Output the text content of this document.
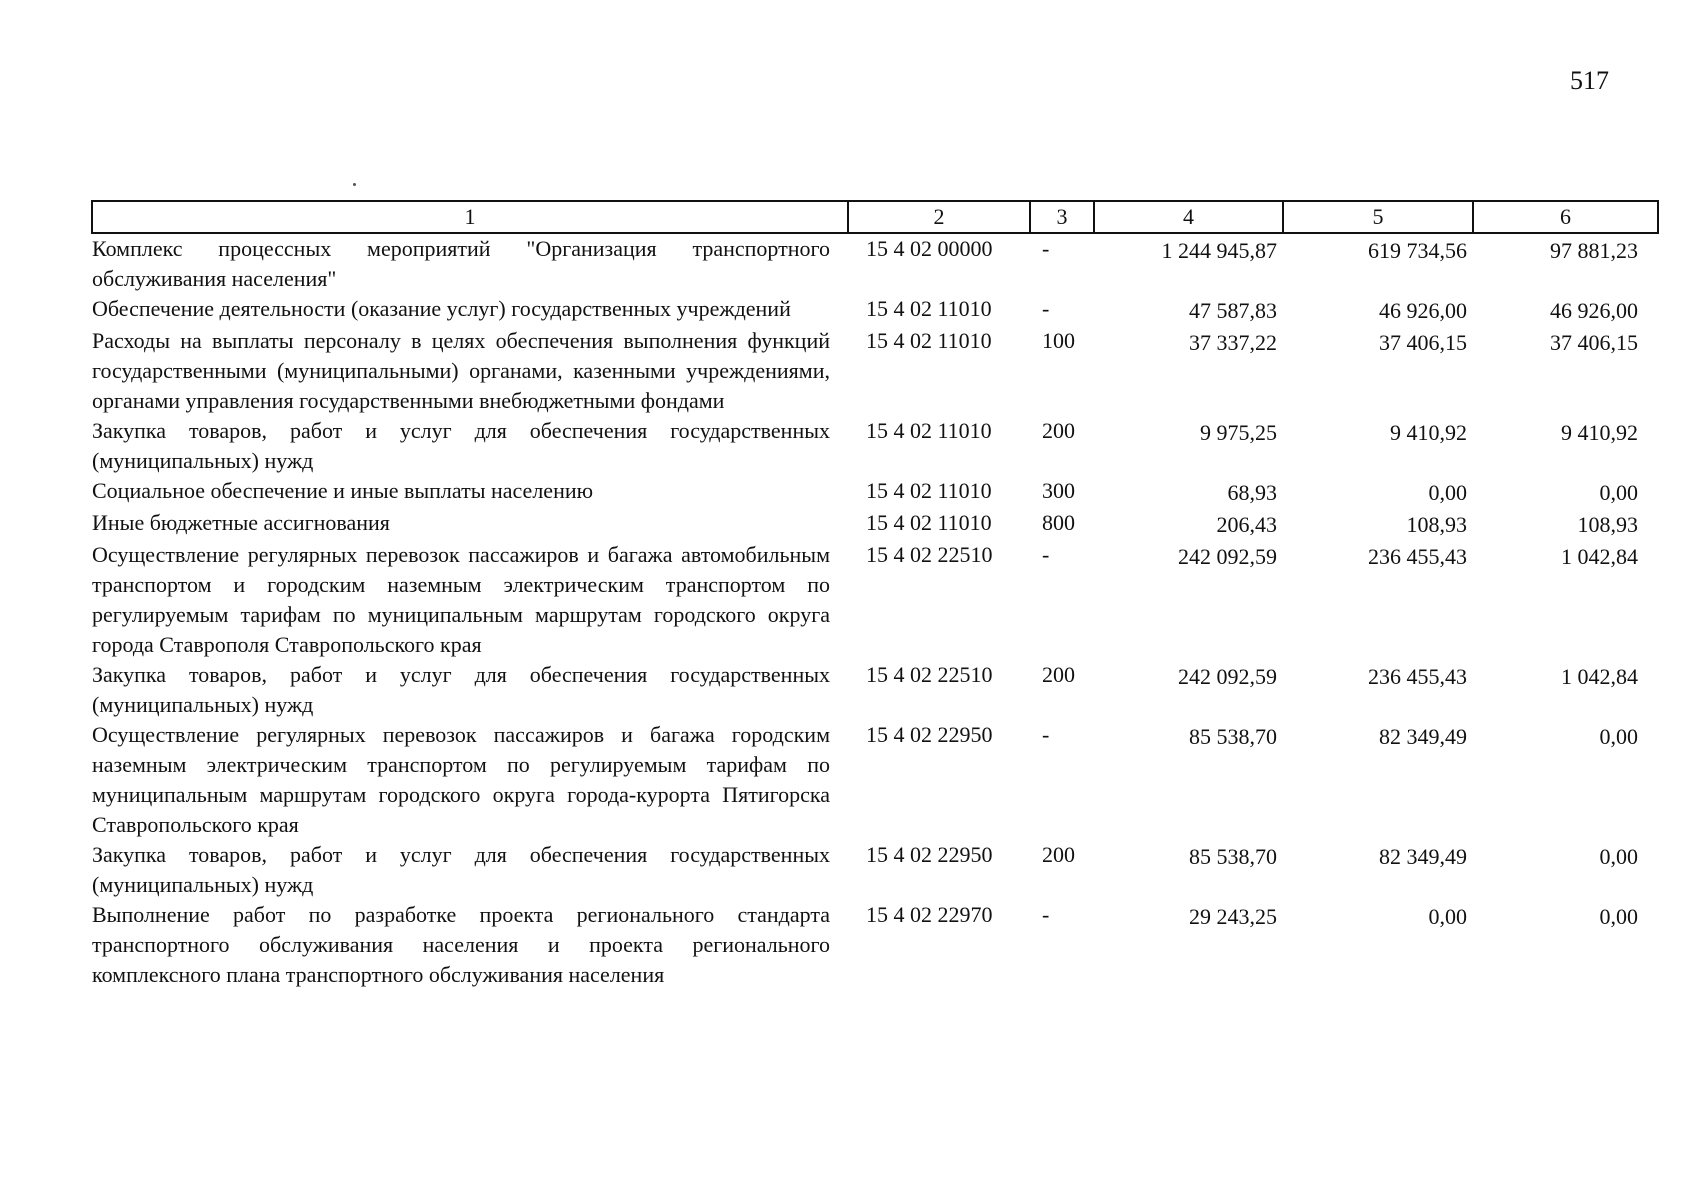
517
1	2	3	4	5	6
Комплекс процессных мероприятий "Организация транспортного обслуживания населения"	15 4 02 00000	-	1 244 945,87	619 734,56	97 881,23
Обеспечение деятельности (оказание услуг) государственных учреждений	15 4 02 11010	-	47 587,83	46 926,00	46 926,00
Расходы на выплаты персоналу в целях обеспечения выполнения функций государственными (муниципальными) органами, казенными учреждениями, органами управления государственными внебюджетными фондами	15 4 02 11010	100	37 337,22	37 406,15	37 406,15
Закупка товаров, работ и услуг для обеспечения государственных (муниципальных) нужд	15 4 02 11010	200	9 975,25	9 410,92	9 410,92
Социальное обеспечение и иные выплаты населению	15 4 02 11010	300	68,93	0,00	0,00
Иные бюджетные ассигнования	15 4 02 11010	800	206,43	108,93	108,93
Осуществление регулярных перевозок пассажиров и багажа автомобильным транспортом и городским наземным электрическим транспортом по регулируемым тарифам по муниципальным маршрутам городского округа города Ставрополя Ставропольского края	15 4 02 22510	-	242 092,59	236 455,43	1 042,84
Закупка товаров, работ и услуг для обеспечения государственных (муниципальных) нужд	15 4 02 22510	200	242 092,59	236 455,43	1 042,84
Осуществление регулярных перевозок пассажиров и багажа городским наземным электрическим транспортом по регулируемым тарифам по муниципальным маршрутам городского округа города-курорта Пятигорска Ставропольского края	15 4 02 22950	-	85 538,70	82 349,49	0,00
Закупка товаров, работ и услуг для обеспечения государственных (муниципальных) нужд	15 4 02 22950	200	85 538,70	82 349,49	0,00
Выполнение работ по разработке проекта регионального стандарта транспортного обслуживания населения и проекта регионального комплексного плана транспортного обслуживания населения	15 4 02 22970	-	29 243,25	0,00	0,00
